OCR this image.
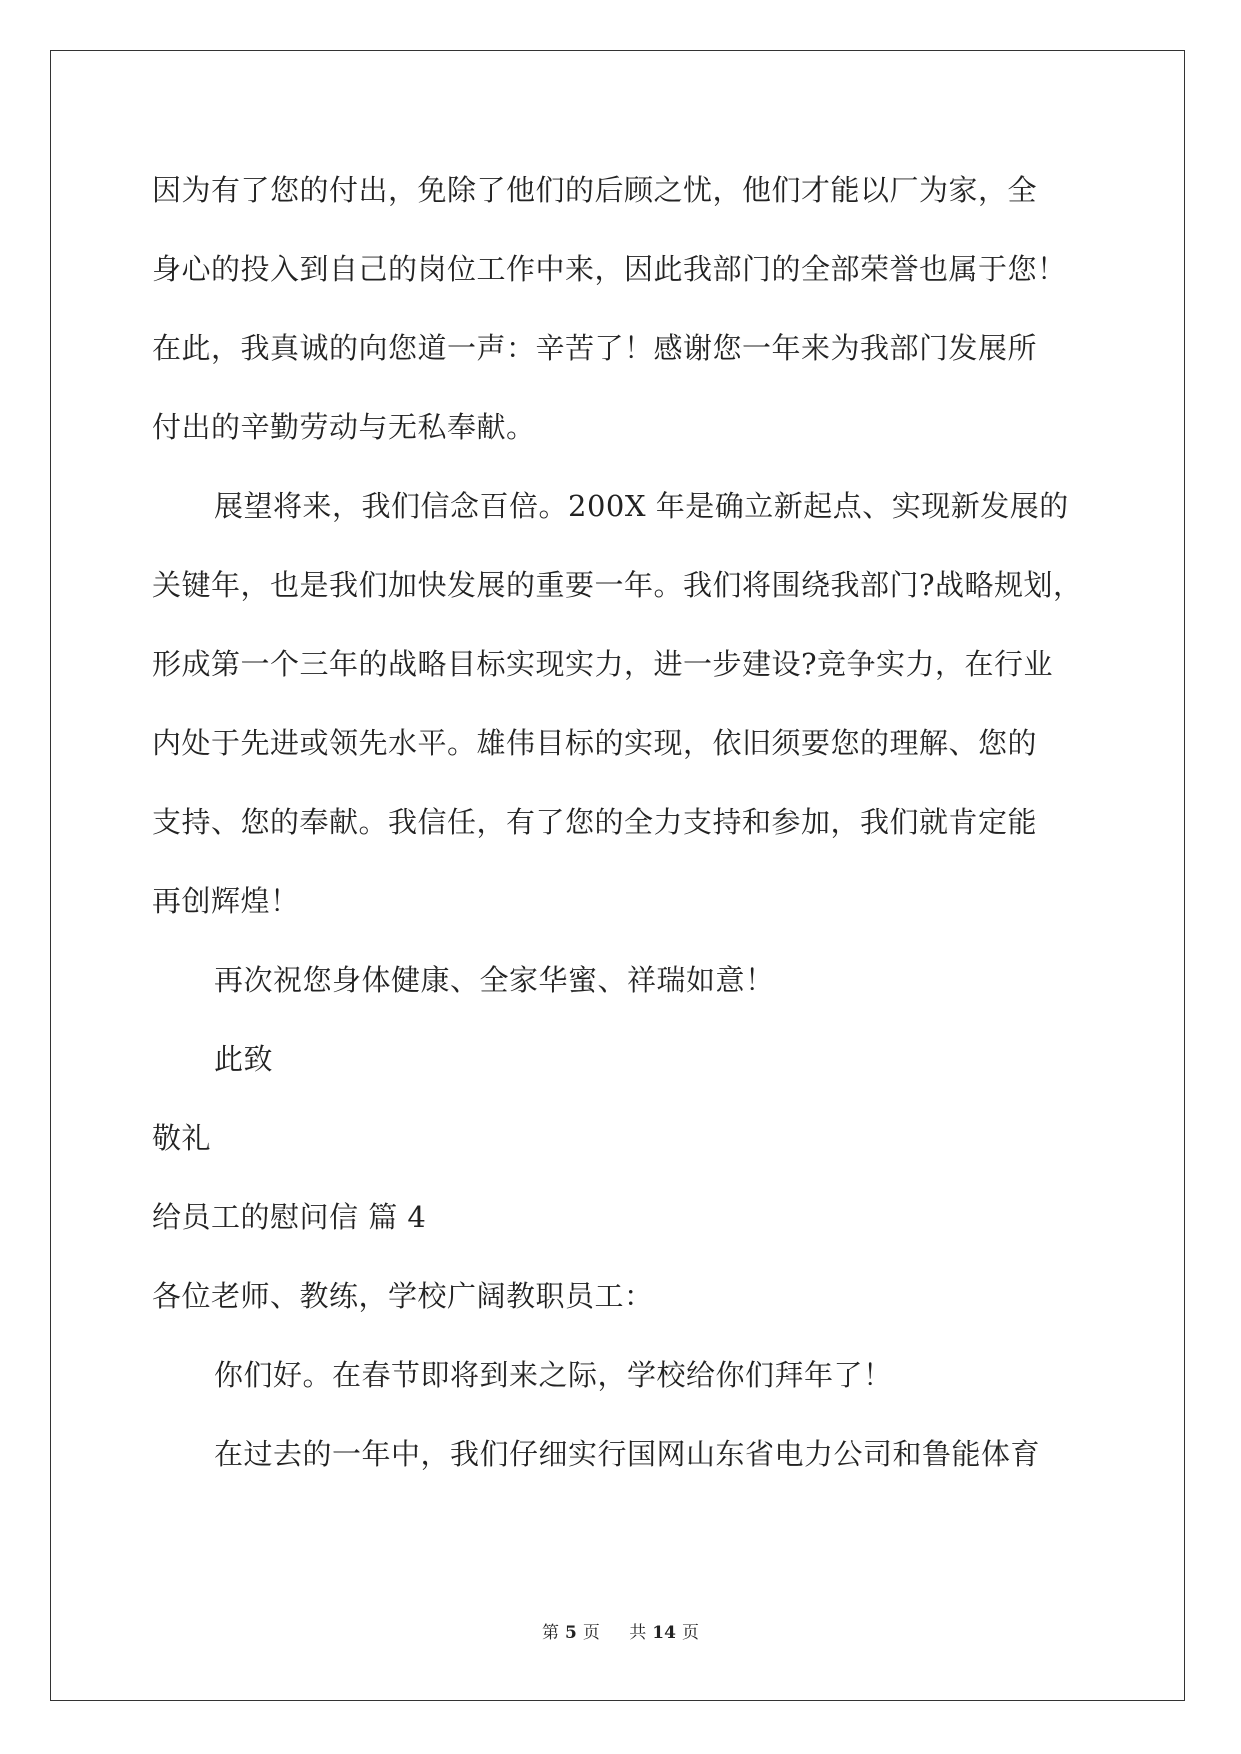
因为有了您的付出，免除了他们的后顾之忧，他们才能以厂为家，全
身心的投入到自己的岗位工作中来，因此我部门的全部荣誉也属于您！
在此，我真诚的向您道一声：辛苦了！感谢您一年来为我部门发展所
付出的辛勤劳动与无私奉献。
展望将来，我们信念百倍。200X 年是确立新起点、实现新发展的
关键年，也是我们加快发展的重要一年。我们将围绕我部门?战略规划，
形成第一个三年的战略目标实现实力，进一步建设?竞争实力，在行业
内处于先进或领先水平。雄伟目标的实现，依旧须要您的理解、您的
支持、您的奉献。我信任，有了您的全力支持和参加，我们就肯定能
再创辉煌！
再次祝您身体健康、全家华蜜、祥瑞如意！
此致
敬礼
给员工的慰问信 篇 4
各位老师、教练，学校广阔教职员工：
你们好。在春节即将到来之际，学校给你们拜年了！
在过去的一年中，我们仔细实行国网山东省电力公司和鲁能体育
第 5 页 共 14 页
